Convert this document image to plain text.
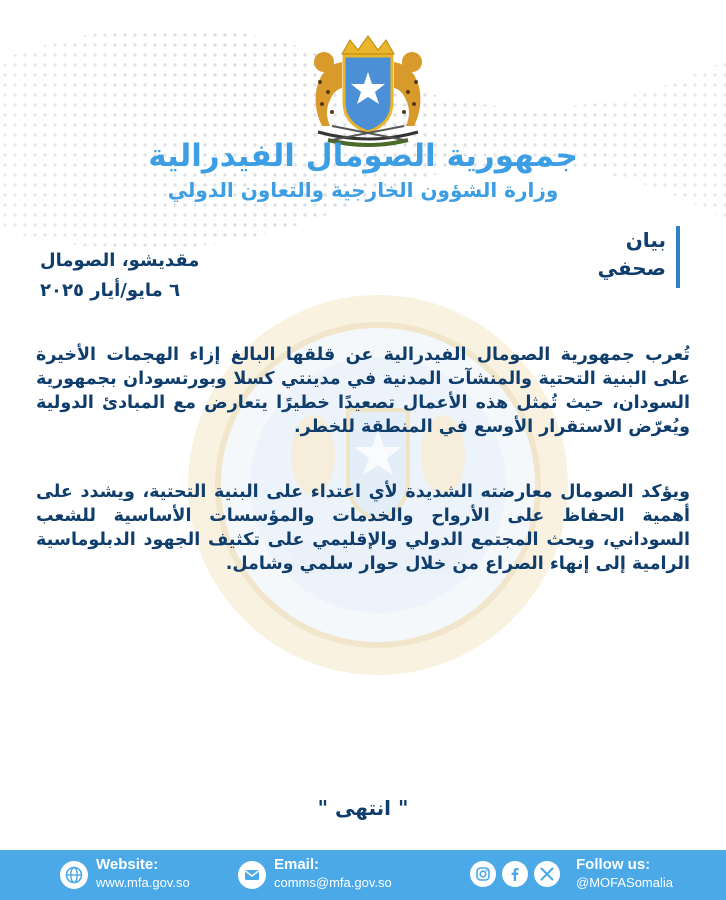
جمهورية الصومال الفيدرالية
وزارة الشؤون الخارجية والتعاون الدولي
بيان
صحفي
مقديشو، الصومال
٦ مايو/أيار ٢٠٢٥
تُعرب جمهورية الصومال الفيدرالية عن قلقها البالغ إزاء الهجمات الأخيرة على البنية التحتية والمنشآت المدنية في مدينتي كسلا وبورتسودان بجمهورية السودان، حيث تُمثل هذه الأعمال تصعيدًا خطيرًا يتعارض مع المبادئ الدولية ويُعرّض الاستقرار الأوسع في المنطقة للخطر.
ويؤكد الصومال معارضته الشديدة لأي اعتداء على البنية التحتية، ويشدد على أهمية الحفاظ على الأرواح والخدمات والمؤسسات الأساسية للشعب السوداني، ويحث المجتمع الدولي والإقليمي على تكثيف الجهود الدبلوماسية الرامية إلى إنهاء الصراع من خلال حوار سلمي وشامل.
" انتهى "
Website:
www.mfa.gov.so
Email:
comms@mfa.gov.so
Follow us:
@MOFASomalia
